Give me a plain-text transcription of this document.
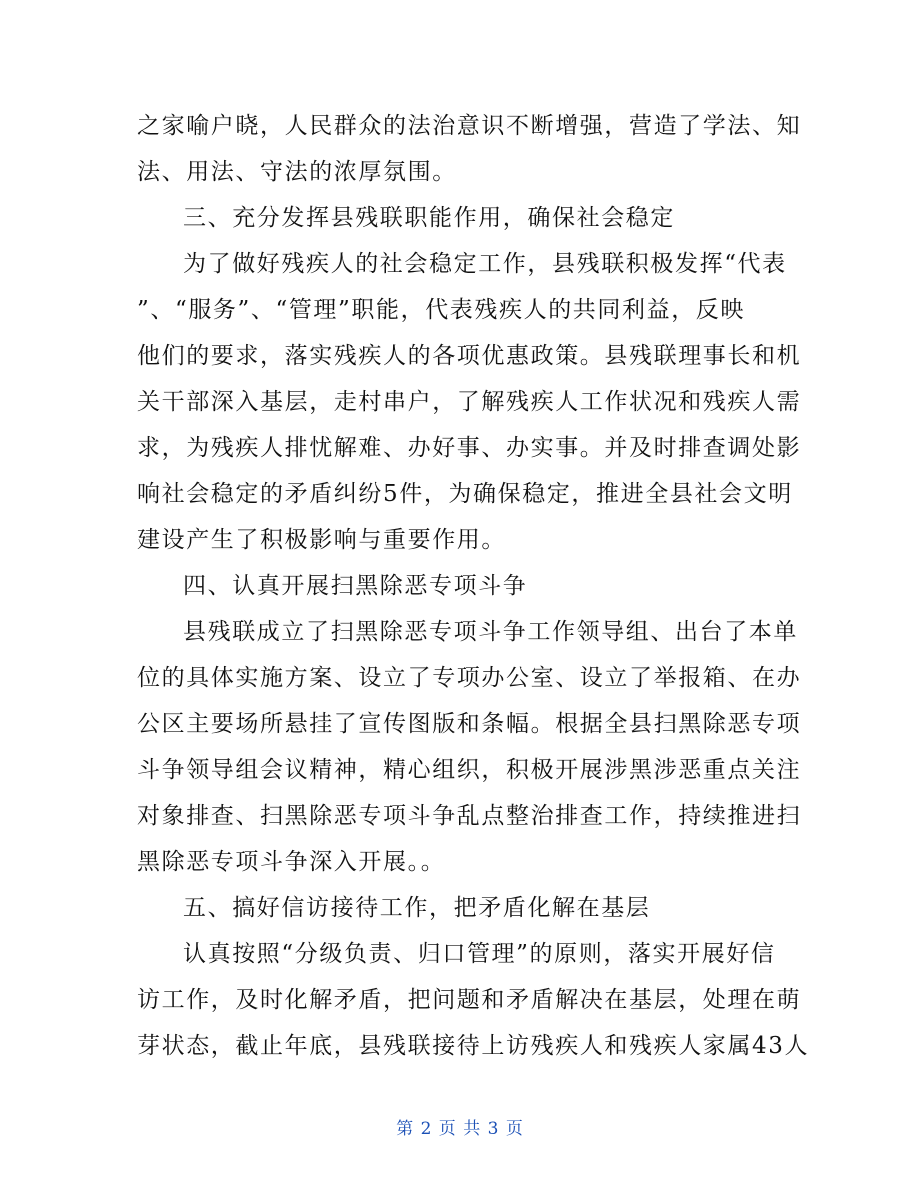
之家喻户晓，人民群众的法治意识不断增强，营造了学法、知
法、用法、守法的浓厚氛围。
三、充分发挥县残联职能作用，确保社会稳定
为了做好残疾人的社会稳定工作，县残联积极发挥“代表
”、“服务”、“管理”职能，代表残疾人的共同利益，反映
他们的要求，落实残疾人的各项优惠政策。县残联理事长和机
关干部深入基层，走村串户，了解残疾人工作状况和残疾人需
求，为残疾人排忧解难、办好事、办实事。并及时排查调处影
响社会稳定的矛盾纠纷5件，为确保稳定，推进全县社会文明
建设产生了积极影响与重要作用。
四、认真开展扫黑除恶专项斗争
县残联成立了扫黑除恶专项斗争工作领导组、出台了本单
位的具体实施方案、设立了专项办公室、设立了举报箱、在办
公区主要场所悬挂了宣传图版和条幅。根据全县扫黑除恶专项
斗争领导组会议精神，精心组织，积极开展涉黑涉恶重点关注
对象排查、扫黑除恶专项斗争乱点整治排查工作，持续推进扫
黑除恶专项斗争深入开展。。
五、搞好信访接待工作，把矛盾化解在基层
认真按照“分级负责、归口管理”的原则，落实开展好信
访工作，及时化解矛盾，把问题和矛盾解决在基层，处理在萌
芽状态，截止年底，县残联接待上访残疾人和残疾人家属43人
第 2 页 共 3 页
